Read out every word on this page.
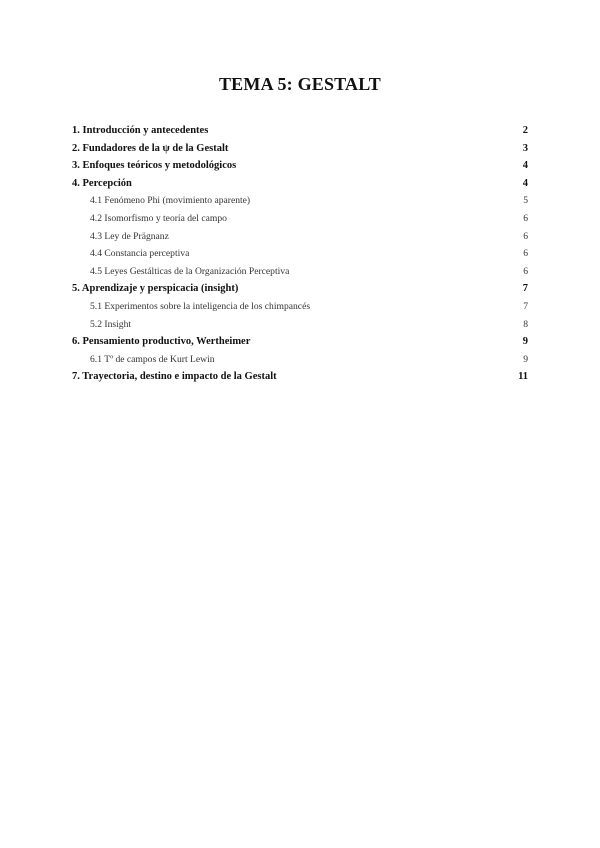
TEMA 5: GESTALT
1. Introducción y antecedentes	2
2. Fundadores de la ψ de la Gestalt	3
3. Enfoques teóricos y metodológicos	4
4. Percepción	4
4.1 Fenómeno Phi (movimiento aparente)	5
4.2 Isomorfismo y teoría del campo	6
4.3 Ley de Prägnanz	6
4.4 Constancia perceptiva	6
4.5 Leyes Gestálticas de la Organización Perceptiva	6
5. Aprendizaje y perspicacia (insight)	7
5.1 Experimentos sobre la inteligencia de los chimpancés	7
5.2 Insight	8
6. Pensamiento productivo, Wertheimer	9
6.1 Tº de campos de Kurt Lewin	9
7. Trayectoria, destino e impacto de la Gestalt	11
